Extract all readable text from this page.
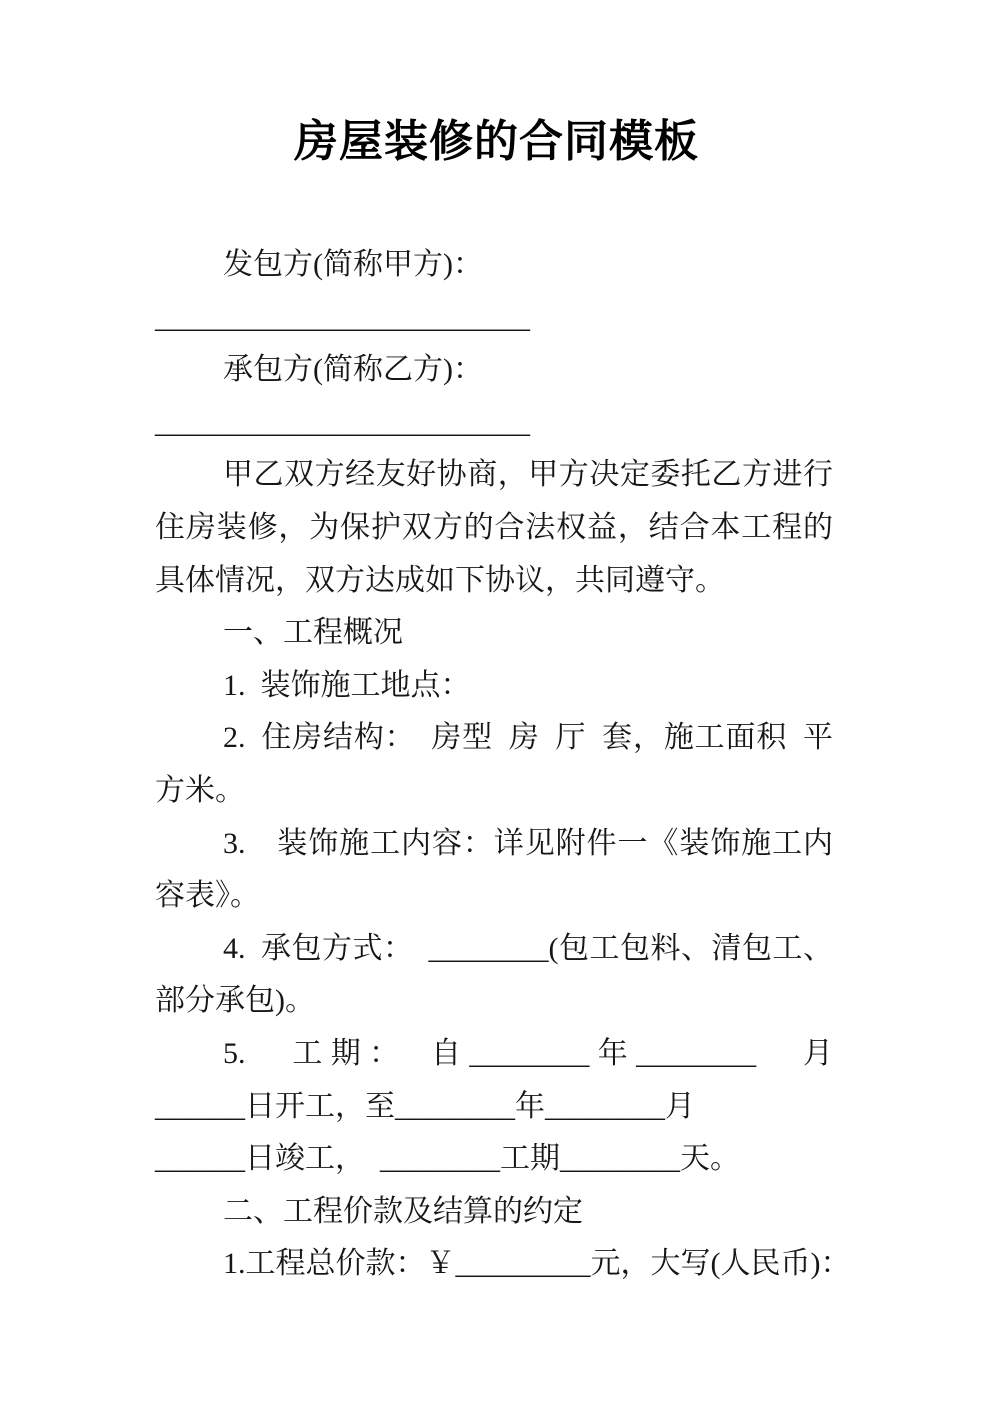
房屋装修的合同模板
发包方(简称甲方)：
_________________________
承包方(简称乙方)：
_________________________
甲乙双方经友好协商，甲方决定委托乙方进行
住房装修，为保护双方的合法权益，结合本工程的
具体情况，双方达成如下协议，共同遵守。
一、工程概况
1. 装饰施工地点：
2. 住房结构：　房型 房 厅 套，施工面积 平
方米。
3.　装饰施工内容：详见附件一《装饰施工内
容表》。
4. 承包方式： ________(包工包料、清包工、
部分承包)。
5.　工期：　自________年________　月
______日开工，至________年________月
______日竣工， ________工期________天。
二、工程价款及结算的约定
1.工程总价款：￥_________元，大写(人民币)：
